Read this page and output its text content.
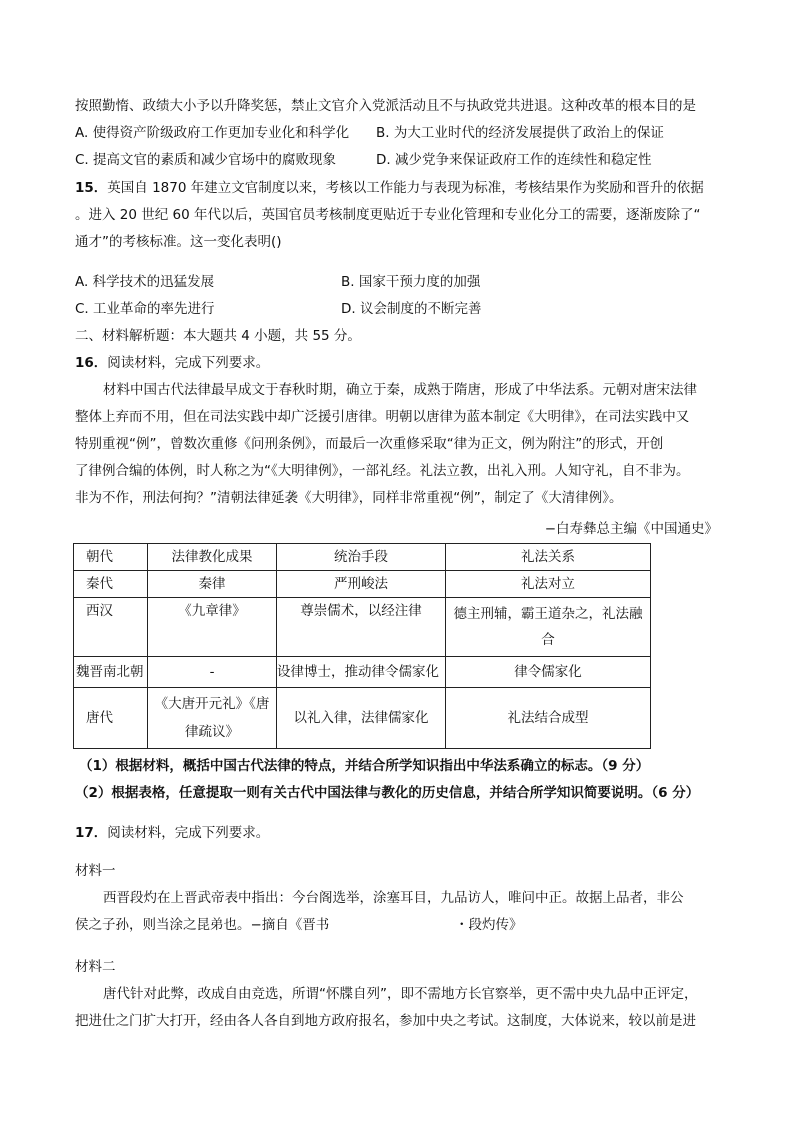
按照勤惰、政绩大小予以升降奖惩，禁止文官介入党派活动且不与执政党共进退。这种改革的根本目的是
A. 使得资产阶级政府工作更加专业化和科学化 B. 为大工业时代的经济发展提供了政治上的保证
C. 提高文官的素质和减少官场中的腐败现象	D. 减少党争来保证政府工作的连续性和稳定性
15．英国自 1870 年建立文官制度以来，考核以工作能力与表现为标准，考核结果作为奖励和晋升的依据
。进入 20 世纪 60 年代以后，英国官员考核制度更贴近于专业化管理和专业化分工的需要，逐渐废除了“
通才”的考核标准。这一变化表明()
A. 科学技术的迅猛发展	B. 国家干预力度的加强
C. 工业革命的率先进行	D. 议会制度的不断完善
二、材料解析题：本大题共 4 小题，共 55 分。
16．阅读材料，完成下列要求。
材料中国古代法律最早成文于春秋时期，确立于秦，成熟于隋唐，形成了中华法系。元朝对唐宋法律
整体上弃而不用，但在司法实践中却广泛援引唐律。明朝以唐律为蓝本制定《大明律》，在司法实践中又
特别重视“例”，曾数次重修《问刑条例》，而最后一次重修采取“律为正文，例为附注”的形式，开创
了律例合编的体例，时人称之为“《大明律例》，一部礼经。礼法立教，出礼入刑。人知守礼，自不非为。
非为不作，刑法何拘？”清朝法律延袭《大明律》，同样非常重视“例”，制定了《大清律例》。
−白寿彝总主编《中国通史》
朝代	法律教化成果	统治手段	礼法关系
秦代	秦律	严刑峻法	礼法对立
西汉	《九章律》	尊崇儒术，以经注律	德主刑辅，霸王道杂之，礼法融合
魏晋南北朝	-	设律博士，推动律令儒家化	律令儒家化
唐代	《大唐开元礼》《唐律疏议》	以礼入律，法律儒家化	礼法结合成型
（1）根据材料，概括中国古代法律的特点，并结合所学知识指出中华法系确立的标志。（9 分）
（2）根据表格，任意提取一则有关古代中国法律与教化的历史信息，并结合所学知识简要说明。（6 分）
17．阅读材料，完成下列要求。
材料一
西晋段灼在上晋武帝表中指出：今台阁选举，涂塞耳目，九品访人，唯问中正。故据上品者，非公
侯之子孙，则当涂之昆弟也。−摘自《晋书	・段灼传》
材料二
唐代针对此弊，改成自由竞选，所谓“怀牒自列”，即不需地方长官察举，更不需中央九品中正评定，
把进仕之门扩大打开，经由各人各自到地方政府报名，参加中央之考试。这制度，大体说来，较以前是进
